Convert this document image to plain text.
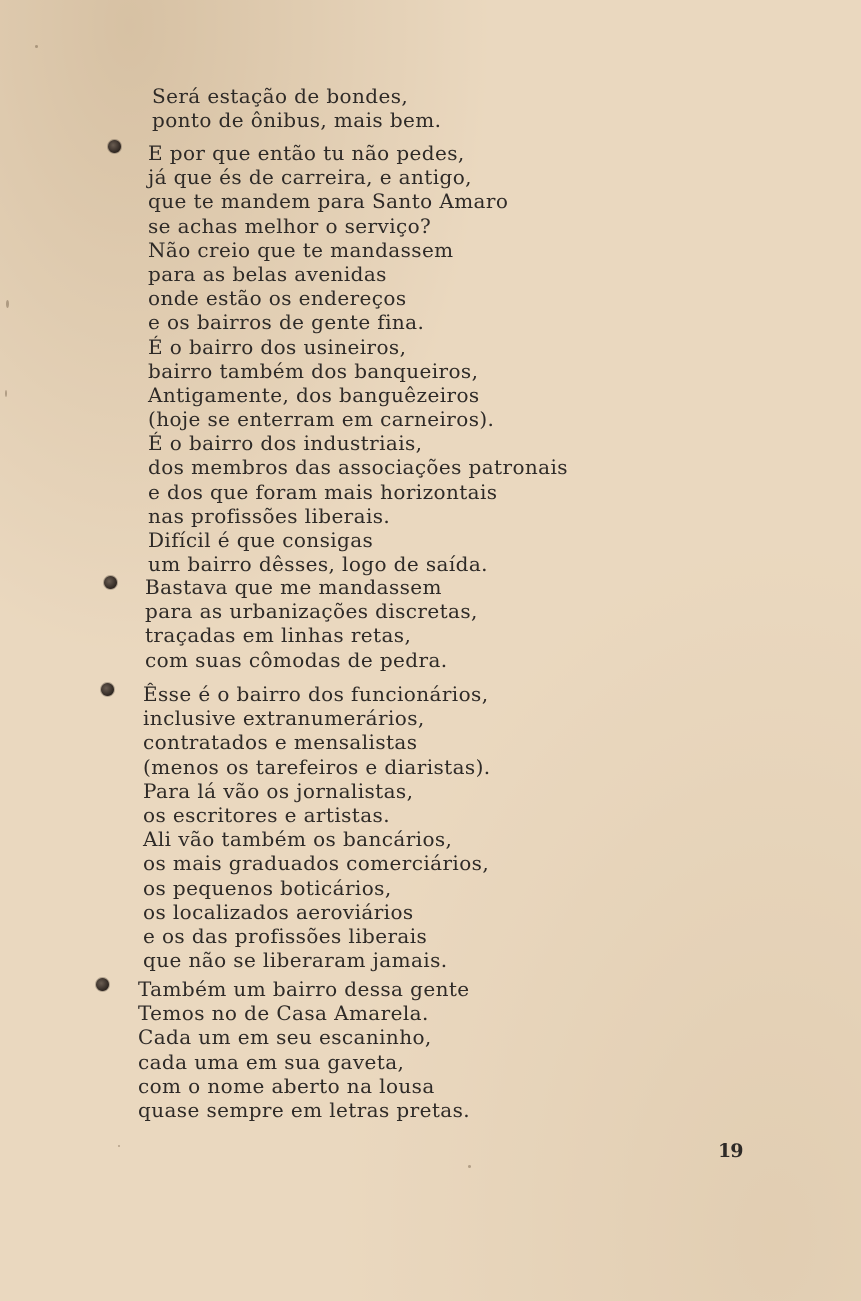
Será estação de bondes,
ponto de ônibus, mais bem.
E por que então tu não pedes,
já que és de carreira, e antigo,
que te mandem para Santo Amaro
se achas melhor o serviço?
Não creio que te mandassem
para as belas avenidas
onde estão os endereços
e os bairros de gente fina.
É o bairro dos usineiros,
bairro também dos banqueiros,
Antigamente, dos banguêzeiros
(hoje se enterram em carneiros).
É o bairro dos industriais,
dos membros das associações patronais
e dos que foram mais horizontais
nas profissões liberais.
Difícil é que consigas
um bairro dêsses, logo de saída.
Bastava que me mandassem
para as urbanizações discretas,
traçadas em linhas retas,
com suas cômodas de pedra.
Êsse é o bairro dos funcionários,
inclusive extranumerários,
contratados e mensalistas
(menos os tarefeiros e diaristas).
Para lá vão os jornalistas,
os escritores e artistas.
Ali vão também os bancários,
os mais graduados comerciários,
os pequenos boticários,
os localizados aeroviários
e os das profissões liberais
que não se liberaram jamais.
Também um bairro dessa gente
Temos no de Casa Amarela.
Cada um em seu escaninho,
cada uma em sua gaveta,
com o nome aberto na lousa
quase sempre em letras pretas.
19
